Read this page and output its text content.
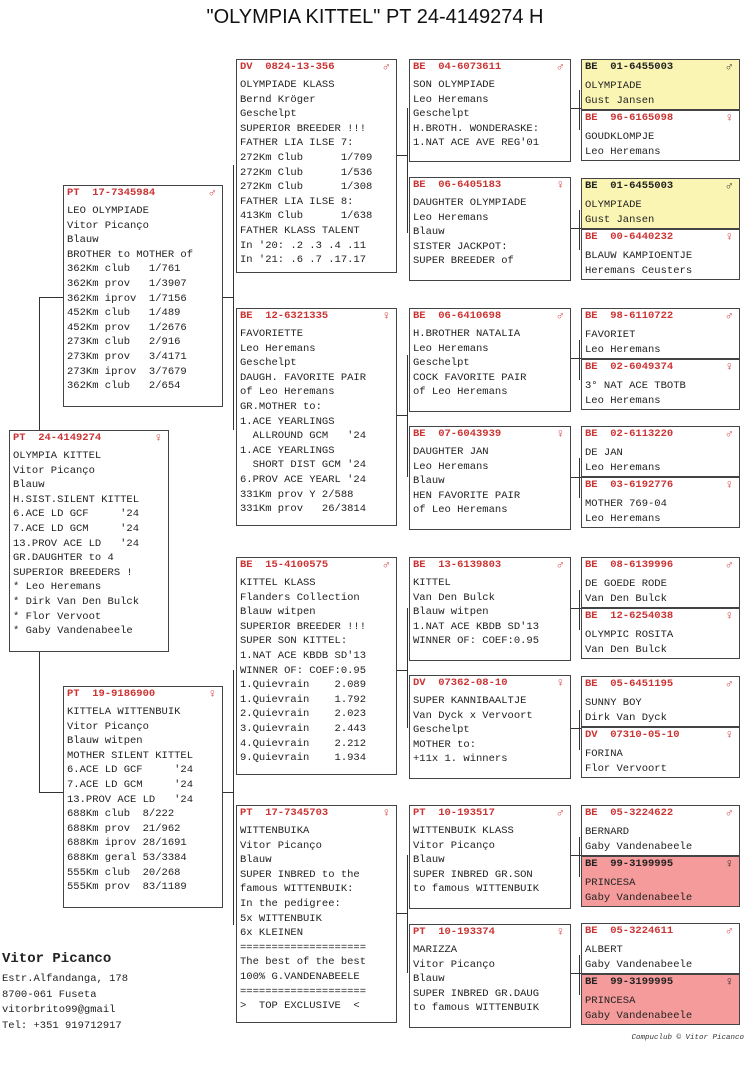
"OLYMPIA KITTEL" PT 24-4149274 H
PT  24-4149274	♀
OLYMPIA KITTEL
Vitor Picanço
Blauw
H.SIST.SILENT KITTEL
6.ACE LD GCF     '24
7.ACE LD GCM     '24
13.PROV ACE LD   '24
GR.DAUGHTER to 4
SUPERIOR BREEDERS !
* Leo Heremans
* Dirk Van Den Bulck
* Flor Vervoot
* Gaby Vandenabeele
PT  17-7345984	♂
LEO OLYMPIADE
Vitor Picanço
Blauw
BROTHER to MOTHER of
362Km club   1/761
362Km prov   1/3907
362Km iprov  1/7156
452Km club   1/489
452Km prov   1/2676
273Km club   2/916
273Km prov   3/4171
273Km iprov  3/7679
362Km club   2/654
PT  19-9186900	♀
KITTELA WITTENBUIK
Vitor Picanço
Blauw witpen
MOTHER SILENT KITTEL
6.ACE LD GCF     '24
7.ACE LD GCM     '24
13.PROV ACE LD   '24
688Km club  8/222
688Km prov  21/962
688Km iprov 28/1691
688Km geral 53/3384
555Km club  20/268
555Km prov  83/1189
DV  0824-13-356	♂
OLYMPIADE KLASS
Bernd Kröger
Geschelpt
SUPERIOR BREEDER !!!
FATHER LIA ILSE 7:
272Km Club      1/709
272Km Club      1/536
272Km Club      1/308
FATHER LIA ILSE 8:
413Km Club      1/638
FATHER KLASS TALENT
In '20: .2 .3 .4 .11
In '21: .6 .7 .17.17
BE  12-6321335	♀
FAVORIETTE
Leo Heremans
Geschelpt
DAUGH. FAVORITE PAIR
of Leo Heremans
GR.MOTHER to:
1.ACE YEARLINGS
ALLROUND GCM   '24
1.ACE YEARLINGS
SHORT DIST GCM '24
6.PROV ACE YEARL '24
331Km prov Y 2/588
331Km prov   26/3814
BE  15-4100575	♂
KITTEL KLASS
Flanders Collection
Blauw witpen
SUPERIOR BREEDER !!!
SUPER SON KITTEL:
1.NAT ACE KBDB SD'13
WINNER OF: COEF:0.95
1.Quievrain    2.089
1.Quievrain    1.792
2.Quievrain    2.023
3.Quievrain    2.443
4.Quievrain    2.212
9.Quievrain    1.934
PT  17-7345703	♀
WITTENBUIKA
Vitor Picanço
Blauw
SUPER INBRED to the
famous WITTENBUIK:
In the pedigree:
5x WITTENBUIK
6x KLEINEN
====================
The best of the best
100% G.VANDENABEELE
====================
>  TOP EXCLUSIVE  <
BE  04-6073611	♂
SON OLYMPIADE
Leo Heremans
Geschelpt
H.BROTH. WONDERASKE:
1.NAT ACE AVE REG'01
BE  06-6405183	♀
DAUGHTER OLYMPIADE
Leo Heremans
Blauw
SISTER JACKPOT:
SUPER BREEDER of
BE  06-6410698	♂
H.BROTHER NATALIA
Leo Heremans
Geschelpt
COCK FAVORITE PAIR
of Leo Heremans
BE  07-6043939	♀
DAUGHTER JAN
Leo Heremans
Blauw
HEN FAVORITE PAIR
of Leo Heremans
BE  13-6139803	♂
KITTEL
Van Den Bulck
Blauw witpen
1.NAT ACE KBDB SD'13
WINNER OF: COEF:0.95
DV  07362-08-10	♀
SUPER KANNIBAALTJE
Van Dyck x Vervoort
Geschelpt
MOTHER to:
+11x 1. winners
PT  10-193517	♂
WITTENBUIK KLASS
Vitor Picanço
Blauw
SUPER INBRED GR.SON
to famous WITTENBUIK
PT  10-193374	♀
MARIZZA
Vitor Picanço
Blauw
SUPER INBRED GR.DAUG
to famous WITTENBUIK
BE  01-6455003	♂
OLYMPIADE
Gust Jansen
BE  96-6165098	♀
GOUDKLOMPJE
Leo Heremans
BE  01-6455003	♂
OLYMPIADE
Gust Jansen
BE  00-6440232	♀
BLAUW KAMPIOENTJE
Heremans Ceusters
BE  98-6110722	♂
FAVORIET
Leo Heremans
BE  02-6049374	♀
3° NAT ACE TBOTB
Leo Heremans
BE  02-6113220	♂
DE JAN
Leo Heremans
BE  03-6192776	♀
MOTHER 769-04
Leo Heremans
BE  08-6139996	♂
DE GOEDE RODE
Van Den Bulck
BE  12-6254038	♀
OLYMPIC ROSITA
Van Den Bulck
BE  05-6451195	♂
SUNNY BOY
Dirk Van Dyck
DV  07310-05-10	♀
FORINA
Flor Vervoort
BE  05-3224622	♂
BERNARD
Gaby Vandenabeele
BE  99-3199995	♀
PRINCESA
Gaby Vandenabeele
BE  05-3224611	♂
ALBERT
Gaby Vandenabeele
BE  99-3199995	♀
PRINCESA
Gaby Vandenabeele
Vitor Picanco
Estr.Alfandanga, 178
8700-061 Fuseta
vitorbrito99@gmail
Tel: +351 919712917
Compuclub © Vitor Picanco
